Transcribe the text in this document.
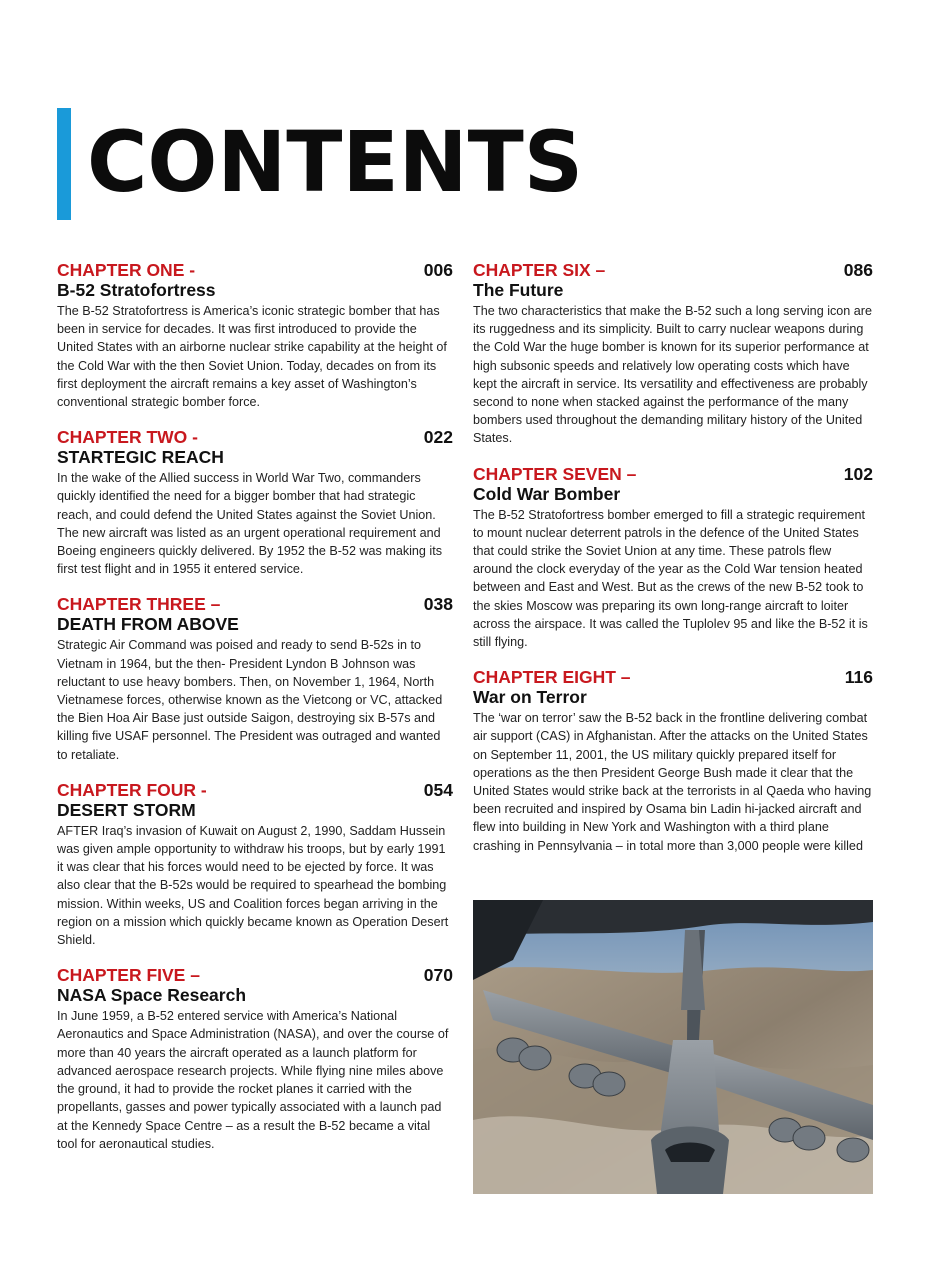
CONTENTS
CHAPTER ONE -	006
B-52 Stratofortress

The B-52 Stratofortress is America’s iconic strategic bomber that has been in service for decades. It was first introduced to provide the United States with an airborne nuclear strike capability at the height of the Cold War with the then Soviet Union. Today, decades on from its first deployment the aircraft remains a key asset of Washington’s conventional strategic bomber force.

CHAPTER TWO -	022
STARTEGIC REACH

In the wake of the Allied success in World War Two, commanders quickly identified the need for a bigger bomber that had strategic reach, and could defend the United States against the Soviet Union. The new aircraft was listed as an urgent operational requirement and Boeing engineers quickly delivered. By 1952 the B-52 was making its first test flight and in 1955 it entered service.

CHAPTER THREE –	038
DEATH FROM ABOVE

Strategic Air Command was poised and ready to send B-52s in to Vietnam in 1964, but the then- President Lyndon B Johnson was reluctant to use heavy bombers. Then, on November 1, 1964, North Vietnamese forces, otherwise known as the Vietcong or VC, attacked the Bien Hoa Air Base just outside Saigon, destroying six B-57s and killing five USAF personnel. The President was outraged and wanted to retaliate.

CHAPTER FOUR -	054
DESERT STORM

AFTER Iraq’s invasion of Kuwait on August 2, 1990, Saddam Hussein was given ample opportunity to withdraw his troops, but by early 1991 it was clear that his forces would need to be ejected by force. It was also clear that the B-52s would be required to spearhead the bombing mission. Within weeks, US and Coalition forces began arriving in the region on a mission which quickly became known as Operation Desert Shield.

CHAPTER FIVE –	070
NASA Space Research

In June 1959, a B-52 entered service with America’s National Aeronautics and Space Administration (NASA), and over the course of more than 40 years the aircraft operated as a launch platform for advanced aerospace research projects. While flying nine miles above the ground, it had to provide the rocket planes it carried with the propellants, gasses and power typically associated with a launch pad at the Kennedy Space Centre – as a result the B-52 became a vital tool for aeronautical studies.

CHAPTER SIX –	086
The Future

The two characteristics that make the B-52 such a long serving icon are its ruggedness and its simplicity. Built to carry nuclear weapons during the Cold War the huge bomber is known for its superior performance at high subsonic speeds and relatively low operating costs which have kept the aircraft in service. Its versatility and effectiveness are probably second to none when stacked against the performance of the many bombers used throughout the demanding military history of the United States.

CHAPTER SEVEN –	102
Cold War Bomber

The B-52 Stratofortress bomber emerged to fill a strategic requirement to mount nuclear deterrent patrols in the defence of the United States that could strike the Soviet Union at any time. These patrols flew around the clock everyday of the year as the Cold War tension heated between and East and West. But as the crews of the new B-52 took to the skies Moscow was preparing its own long-range aircraft to loiter across the airspace. It was called the Tuplolev 95 and like the B-52 it is still flying.

CHAPTER EIGHT –	116
War on Terror

The ‘war on terror’ saw the B-52 back in the frontline delivering combat air support (CAS) in Afghanistan. After the attacks on the United States on September 11, 2001, the US military quickly prepared itself for operations as the then President George Bush made it clear that the United States would strike back at the terrorists in al Qaeda who having been recruited and inspired by Osama bin Ladin hi-jacked aircraft and flew into building in New York and Washington with a third plane crashing in Pennsylvania – in total more than 3,000 people were killed
